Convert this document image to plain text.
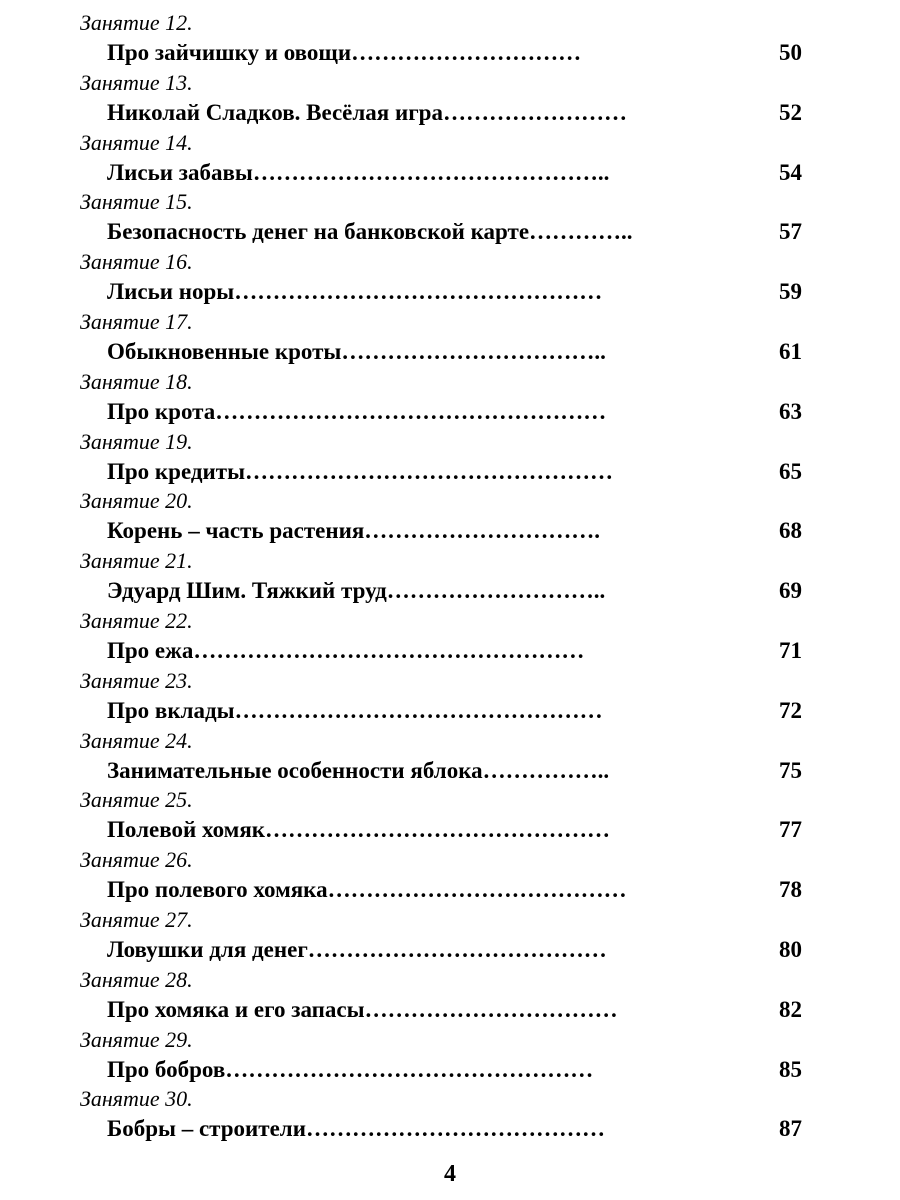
Занятие 12.
Про зайчишку и овощи…………………………	50
Занятие 13.
Николай Сладков. Весёлая игра……………………	52
Занятие 14.
Лисьи забавы………………………………………..	54
Занятие 15.
Безопасность денег на банковской карте…………..	57
Занятие 16.
Лисьи норы…………………………………………	59
Занятие 17.
Обыкновенные кроты……………………………..	61
Занятие 18.
Про крота……………………………………………	63
Занятие 19.
Про кредиты…………………………………………	65
Занятие 20.
Корень – часть растения………………………….	68
Занятие 21.
Эдуард Шим. Тяжкий труд………………………..	69
Занятие 22.
Про ежа……………………………………………	71
Занятие 23.
Про вклады…………………………………………	72
Занятие 24.
Занимательные особенности яблока……………..	75
Занятие 25.
Полевой хомяк………………………………………	77
Занятие 26.
Про полевого хомяка…………………………………	78
Занятие 27.
Ловушки для денег…………………………………	80
Занятие 28.
Про хомяка и его запасы……………………………	82
Занятие 29.
Про бобров…………………………………………	85
Занятие 30.
Бобры – строители…………………………………	87
4
